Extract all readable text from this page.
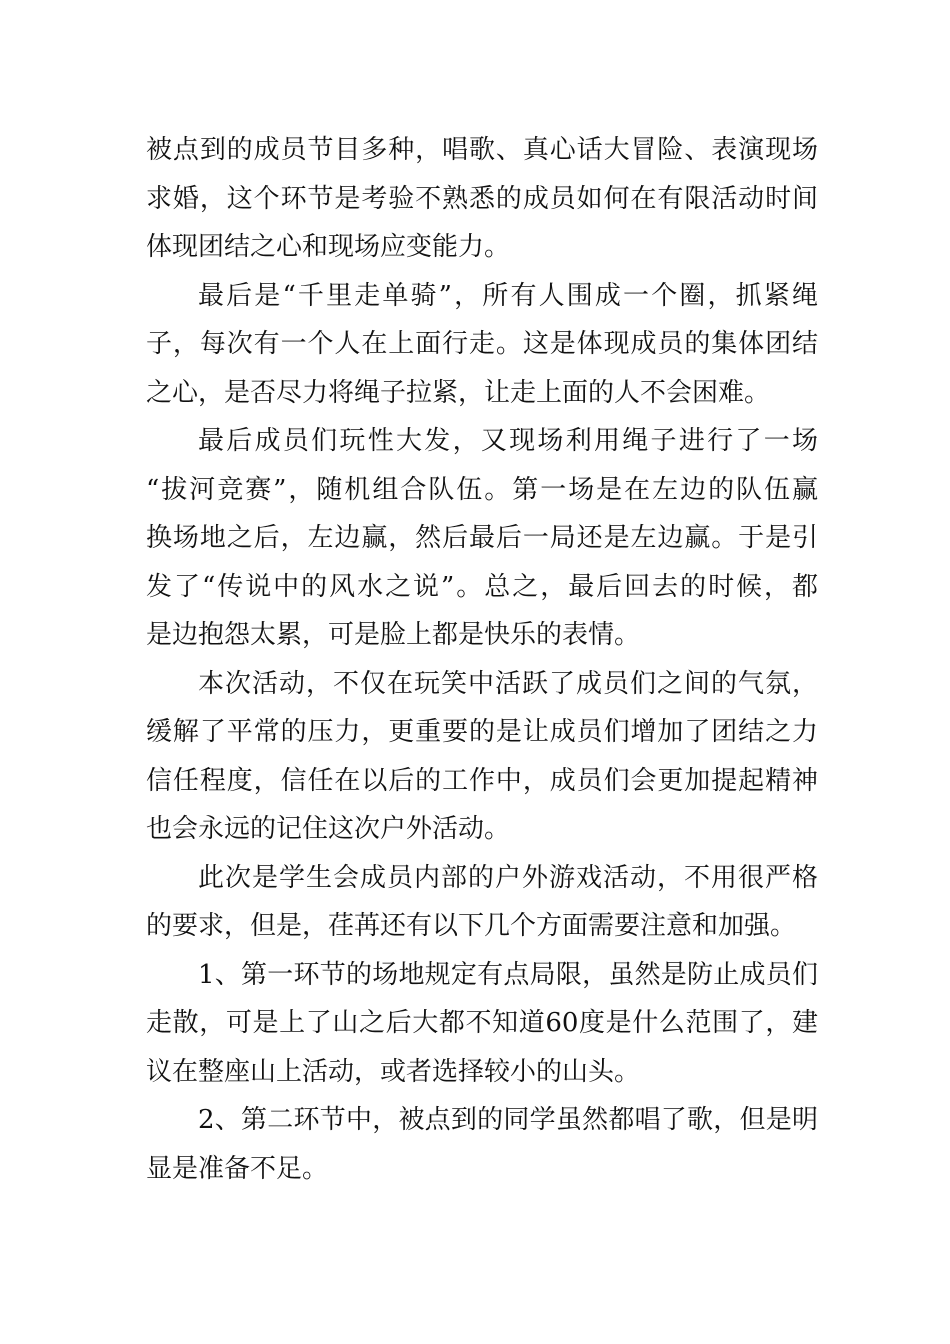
被点到的成员节目多种，唱歌、真心话大冒险、表演现场
求婚，这个环节是考验不熟悉的成员如何在有限活动时间
体现团结之心和现场应变能力。
最后是“千里走单骑”，所有人围成一个圈，抓紧绳
子，每次有一个人在上面行走。这是体现成员的集体团结
之心，是否尽力将绳子拉紧，让走上面的人不会困难。
最后成员们玩性大发，又现场利用绳子进行了一场
“拔河竞赛”，随机组合队伍。第一场是在左边的队伍赢
换场地之后，左边赢，然后最后一局还是左边赢。于是引
发了“传说中的风水之说”。总之，最后回去的时候，都
是边抱怨太累，可是脸上都是快乐的表情。
本次活动，不仅在玩笑中活跃了成员们之间的气氛，
缓解了平常的压力，更重要的是让成员们增加了团结之力
信任程度，信任在以后的工作中，成员们会更加提起精神
也会永远的记住这次户外活动。
此次是学生会成员内部的户外游戏活动，不用很严格
的要求，但是，荏苒还有以下几个方面需要注意和加强。
1、第一环节的场地规定有点局限，虽然是防止成员们
走散，可是上了山之后大都不知道60度是什么范围了，建
议在整座山上活动，或者选择较小的山头。
2、第二环节中，被点到的同学虽然都唱了歌，但是明
显是准备不足。
